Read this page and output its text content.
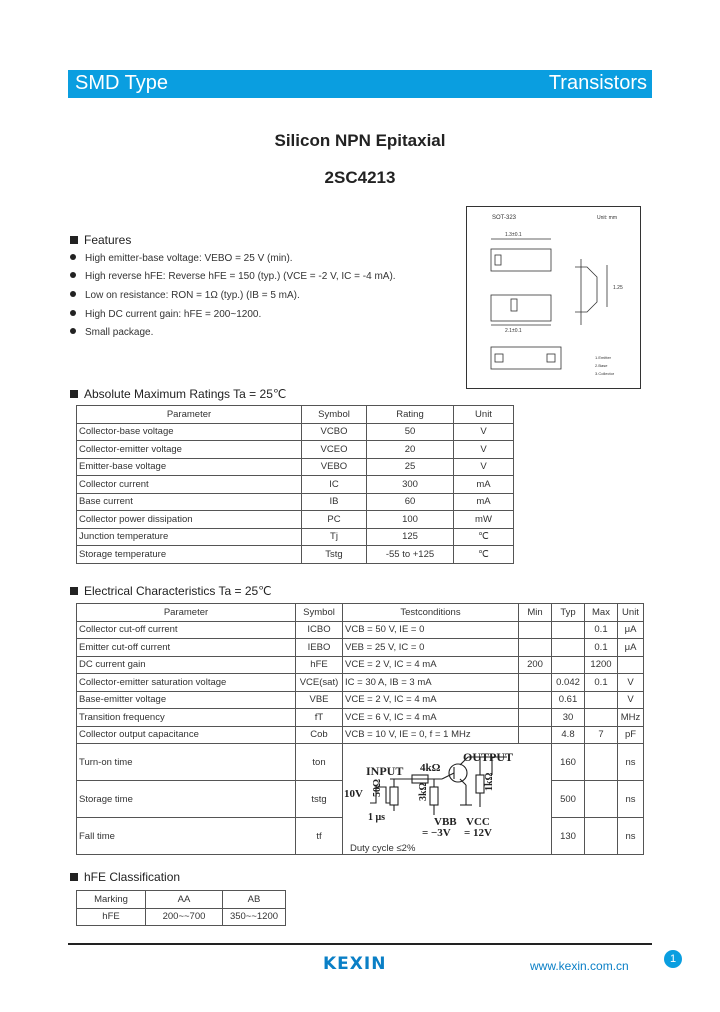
SMD Type	Transistors
Silicon NPN Epitaxial
2SC4213
Features
High emitter-base voltage: VEBO = 25 V (min).
High reverse hFE: Reverse hFE = 150 (typ.) (VCE = -2 V, IC = -4 mA).
Low on resistance: RON = 1Ω (typ.) (IB = 5 mA).
High DC current gain: hFE = 200~1200.
Small package.
SOT-323	Unit: mm
1.3±0.1
2.1±0.1
1.25
1.Emitter
2.Base
3.Collector
Absolute Maximum Ratings Ta = 25℃
Parameter	Symbol	Rating	Unit
Collector-base voltage	VCBO	50	V
Collector-emitter voltage	VCEO	20	V
Emitter-base voltage	VEBO	25	V
Collector current	IC	300	mA
Base current	IB	60	mA
Collector power dissipation	PC	100	mW
Junction temperature	Tj	125	℃
Storage temperature	Tstg	-55 to +125	℃
Electrical Characteristics Ta = 25℃
Parameter	Symbol	Testconditions	Min	Typ	Max	Unit
Collector cut-off current	ICBO	VCB = 50 V, IE = 0			0.1	μA
Emitter cut-off current	IEBO	VEB = 25 V, IC = 0			0.1	μA
DC current gain	hFE	VCE = 2 V, IC = 4 mA	200		1200	
Collector-emitter saturation voltage	VCE(sat)	IC = 30 A, IB = 3 mA		0.042	0.1	V
Base-emitter voltage	VBE	VCE = 2 V, IC = 4 mA		0.61		V
Transition frequency	fT	VCE = 6 V, IC = 4 mA		30		MHz
Collector output capacitance	Cob	VCB = 10 V, IE = 0, f = 1 MHz		4.8	7	pF
Turn-on time	ton			160		ns
Storage time	tstg			500		ns
Fall time	tf			130		ns
INPUT 4kΩ
OUTPUT
50Ω	3kΩ
1kΩ
10V
1 μs	VBB
= −3V
VCC
= 12V
Duty cycle ≤2%
hFE Classification
Marking	AA	AB
hFE	200~~700	350~~1200
KEXIN	1
www.kexin.com.cn
